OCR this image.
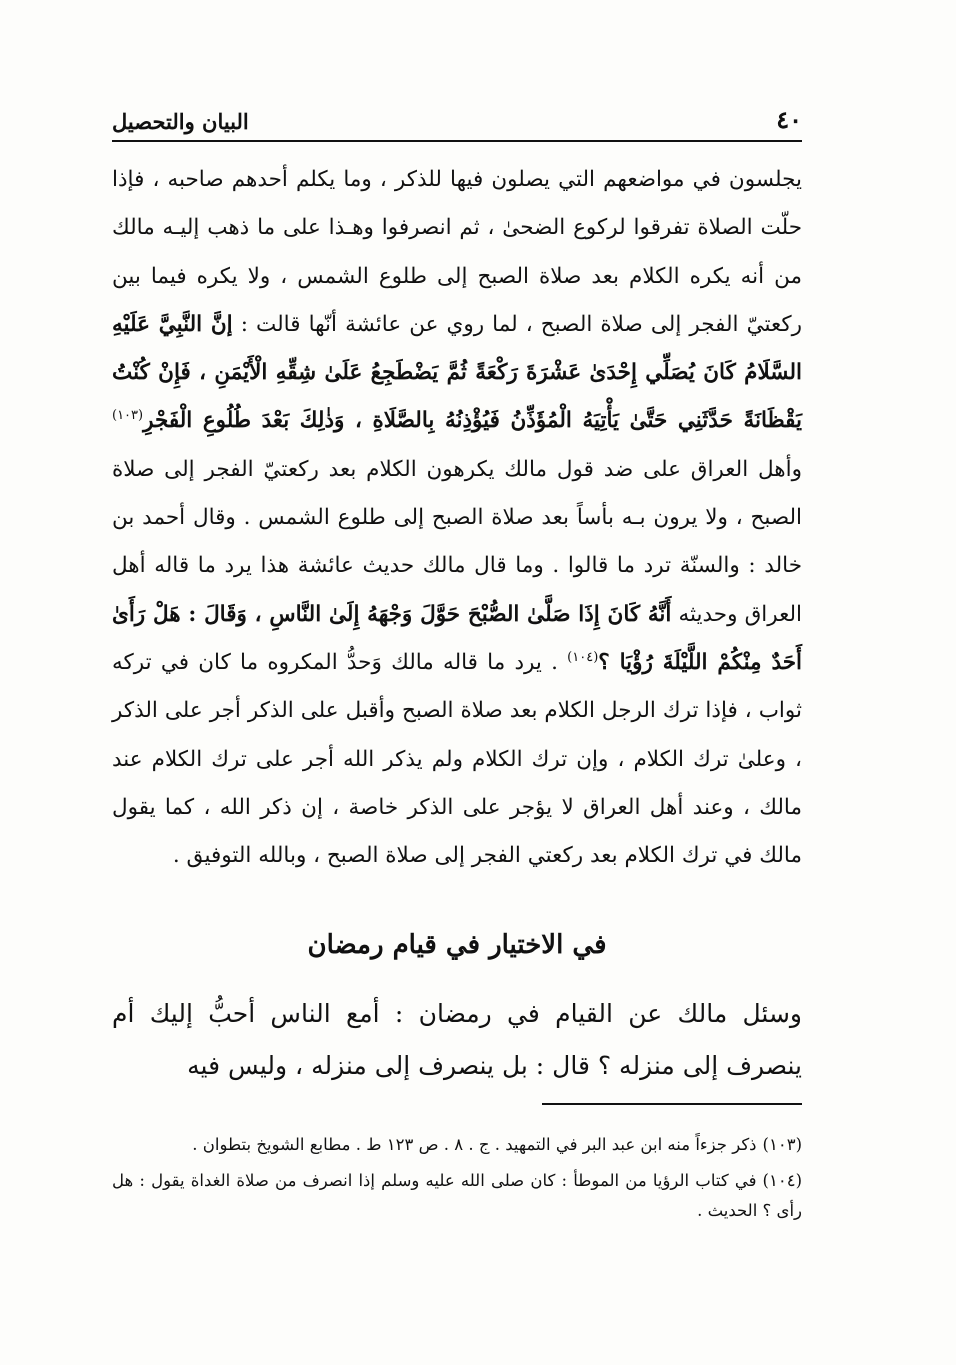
٤٠
البيان والتحصيل

يجلسون في مواضعهم التي يصلون فيها للذكر ، وما يكلم أحدهم صاحبه ، فإذا حلّت الصلاة تفرقوا لركوع الضحىٰ ، ثم انصرفوا وهـذا على ما ذهب إليـه مالك من أنه يكره الكلام بعد صلاة الصبح إلى طلوع الشمس ، ولا يكره فيما بين ركعتيّ الفجر إلى صلاة الصبح ، لما روي عن عائشة أنّها قالت : إنَّ النَّبِيَّ عَلَيْهِ السَّلَامُ كَانَ يُصَلِّي إِحْدَىٰ عَشْرَةَ رَكْعَةً ثُمَّ يَضْطَجِعُ عَلَىٰ شِقِّهِ الْأَيْمَنِ ، فَإِنْ كُنْتُ يَقْظَانَةً حَدَّثَنِي حَتَّىٰ يَأْتِيَهُ الْمُؤَذِّنُ فَيُؤْذِنُهُ بِالصَّلَاةِ ، وَذٰلِكَ بَعْدَ طُلُوعِ الْفَجْرِ$^{(١٠٣)}$ وأهل العراق على ضد قول مالك يكرهون الكلام بعد ركعتيّ الفجر إلى صلاة الصبح ، ولا يرون بـه بأساً بعد صلاة الصبح إلى طلوع الشمس . وقال أحمد بن خالد : والسنّة ترد ما قالوا . وما قال مالك حديث عائشة هذا يرد ما قاله أهل العراق وحديثه أَنَّهُ كَانَ إِذَا صَلَّىٰ الصُّبْحَ حَوَّلَ وَجْهَهُ إِلَىٰ النَّاسِ ، وَقَالَ : هَلْ رَأَىٰ أَحَدٌ مِنْكُمْ اللَّيْلَةَ رُؤْيَا ؟$^{(١٠٤)}$ . يرد ما قاله مالك وَحدُّ المكروه ما كان في تركه ثواب ، فإذا ترك الرجل الكلام بعد صلاة الصبح وأقبل على الذكر أجر على الذكر ، وعلىٰ ترك الكلام ، وإن ترك الكلام ولم يذكر الله أجر على ترك الكلام عند مالك ، وعند أهل العراق لا يؤجر على الذكر خاصة ، إن ذكر الله ، كما يقول مالك في ترك الكلام بعد ركعتي الفجر إلى صلاة الصبح ، وبالله التوفيق .

في الاختيار في قيام رمضان

وسئل مالك عن القيام في رمضان : أمع الناس أحبُّ إليك أم ينصرف إلى منزله ؟ قال : بل ينصرف إلى منزله ، وليس فيه

(١٠٣)ذكر جزءاً منه ابن عبد البر في التمهيد . ج . ٨ . ص ١٢٣ ط . مطابع الشويخ بتطوان .

(١٠٤)في كتاب الرؤيا من الموطأ : كان صلى الله عليه وسلم إذا انصرف من صلاة الغداة يقول : هل رأى ؟ الحديث .
